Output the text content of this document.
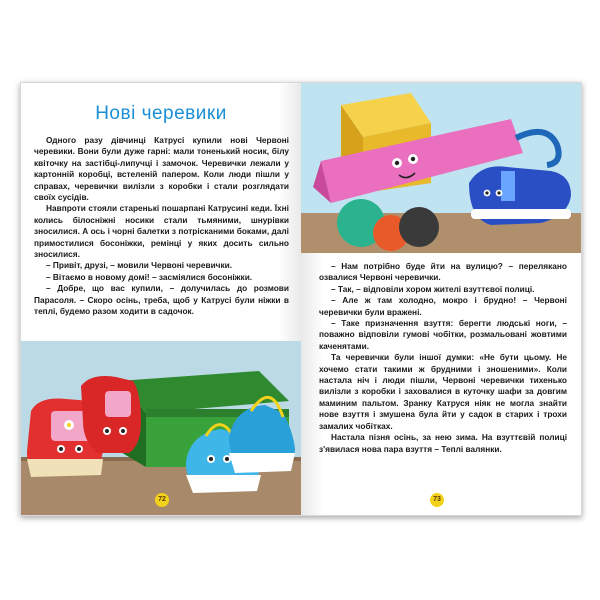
Нові черевики

Одного разу дівчинці Катрусі купили нові Червоні черевики. Вони були дуже гарні: мали тоненький носик, білу квіточку на застібці-липучці і замочок. Черевички лежали у картонній коробці, встеленій папером. Коли люди пішли у справах, черевички вилізли з коробки і стали розглядати своїх сусідів.

Навпроти стояли старенькі пошарпані Катрусині кеди. Їхні колись білосніжні носики стали тьмяними, шнурівки зносилися. А ось і чорні балетки з потрісканими боками, далі примостилися босоніжки, ремінці у яких досить сильно зносилися.

– Привіт, друзі, – мовили Червоні черевички.

– Вітаємо в новому домі! – засміялися босоніжки.

– Добре, що вас купили, – долучилась до розмови Парасоля. – Скоро осінь, треба, щоб у Катрусі були ніжки в теплі, будемо разом ходити в садочок.

72

– Нам потрібно буде йти на вулицю? – перелякано озвалися Червоні черевички.

– Так, – відповіли хором жителі взуттєвої полиці.

– Але ж там холодно, мокро і брудно! – Червоні черевички були вражені.

– Таке призначення взуття: берегти людські ноги, – поважно відповіли гумові чобітки, розмальовані жовтими каченятами.

Та черевички були іншої думки: «Не бути цьому. Не хочемо стати такими ж брудними і зношеними». Коли настала ніч і люди пішли, Червоні черевички тихенько вилізли з коробки і заховалися в куточку шафи за довгим маминим пальтом. Зранку Катруся ніяк не могла знайти нове взуття і змушена була йти у садок в старих і трохи замалих чобітках.

Настала пізня осінь, за нею зима. На взуттєвій полиці з'явилася нова пара взуття – Теплі валянки.

73
